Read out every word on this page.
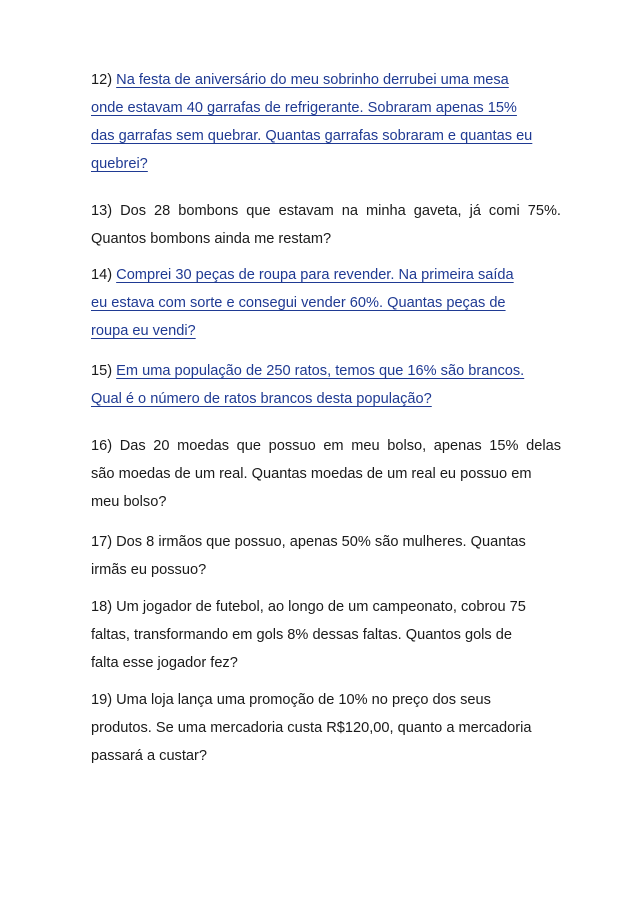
12) Na festa de aniversário do meu sobrinho derrubei uma mesa
onde estavam 40 garrafas de refrigerante. Sobraram apenas 15%
das garrafas sem quebrar. Quantas garrafas sobraram e quantas eu
quebrei?
13) Dos 28 bombons que estavam na minha gaveta, já comi 75%.
Quantos bombons ainda me restam?
14) Comprei 30 peças de roupa para revender. Na primeira saída
eu estava com sorte e consegui vender 60%. Quantas peças de
roupa eu vendi?
15) Em uma população de 250 ratos, temos que 16% são brancos.
Qual é o número de ratos brancos desta população?
16) Das 20 moedas que possuo em meu bolso, apenas 15% delas
são moedas de um real. Quantas moedas de um real eu possuo em
meu bolso?
17) Dos 8 irmãos que possuo, apenas 50% são mulheres. Quantas
irmãs eu possuo?
18) Um jogador de futebol, ao longo de um campeonato, cobrou 75
faltas, transformando em gols 8% dessas faltas. Quantos gols de
falta esse jogador fez?
19) Uma loja lança uma promoção de 10% no preço dos seus
produtos. Se uma mercadoria custa R$120,00, quanto a mercadoria
passará a custar?
